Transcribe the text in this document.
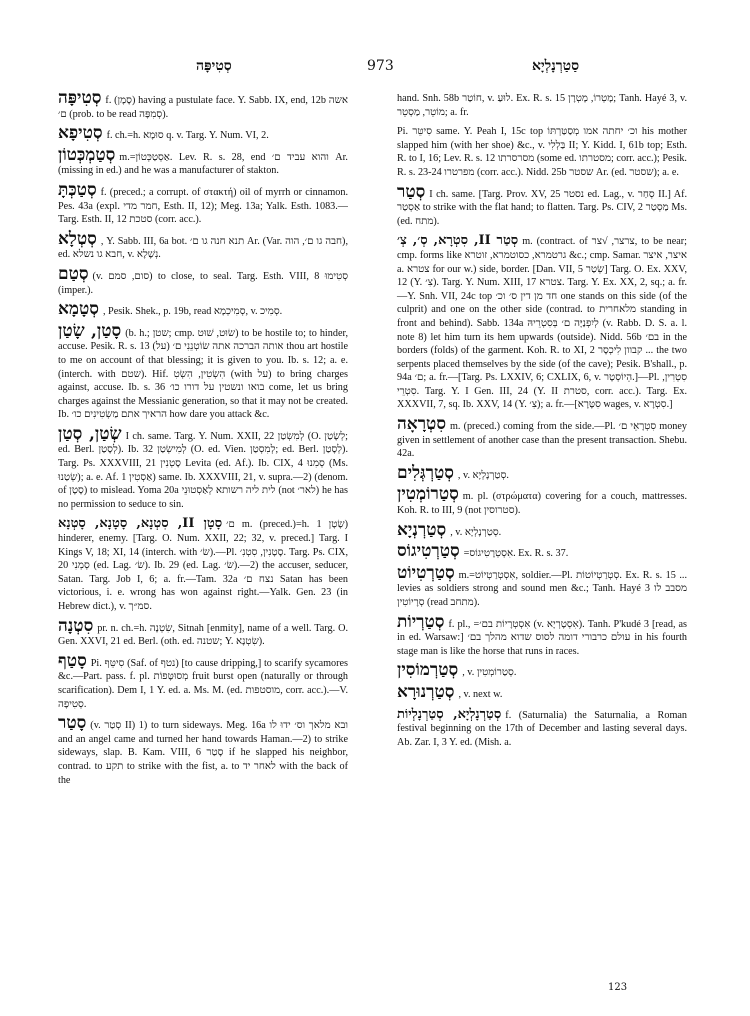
סְטִיפָּה	973	סַטַרְנָלְיָא

סְטִיפָּה f. (סָמָן) having a pustulate face. Y. Sabb. IX, end, 12b אשה ם׳ (prob. to be read סְמִפָּה).

סְטִיפָא f. ch.=h. סוּמָא q. v. Targ. Y. Num. VI, 2.

סְטַמְכְּטוֹן m.=אַסְטַכְּטוֹן. Lev. R. s. 28, end והוא עביד ם׳ Ar. (missing in ed.) and he was a manufacturer of stakton.

סְטַכְּתָּ f. (preced.; a corrupt. of στακτή) oil of myrrh or cinnamon. Pes. 43a (expl. חמר מדי, Esth. II, 12); Meg. 13a; Yalk. Esth. 1083.—Targ. Esth. II, 12 סטכת (corr. acc.).

סְטְלָא , Y. Sabb. III, 6a bot. תנא חנה גו ם׳ Ar. (Var. חבה גו ם׳, הוה), ed. חבא גו נשלא, v. נְשָׁלָא.

סְטַם (v. סום, סמם) to close, to seal. Targ. Esth. VIII, 8 סְטִימוּ (imper.).

סְטָמָא , Pesik. Shek., p. 19b, read סְמִיכְמָא, v. סְמִיכ.

סָטַן, שָׂטַן (b. h.; שטן; cmp. שׂוּט, שׁוּט) to be hostile to; to hinder, accuse. Pesik. R. s. 13 (על) אותה הברכה אתה שׂוֹטְנֵנִי ם׳ thou art hostile to me on account of that blessing; it is given to you. Ib. s. 12; a. e. (interch. with שטם). Hif. הִשְׂטִין, הִשְׂטִ (with על) to bring charges against, accuse. Ib. s. 36 בואו ונשטין על דורו כו׳ come, let us bring charges against the Messianic generation, so that it may not be created. Ib. הראיך אתם מַשְׂטִינִים כו׳ how dare you attack &c.

שְׂטַן, סְטַן I ch. same. Targ. Y. Num. XXII, 22 לְמִשְׂטַן (O. לְשָׂטַן; ed. Berl. לְסָטַן). Ib. 32 לְמִישְׂטַן (O. ed. Vien. לְמִסְטַן; ed. Berl. לְסָטַן). Targ. Ps. XXXVIII, 21 סָטְנִין Levita (ed. Af.). Ib. CIX, 4 סְמִנוּ (Ms. שְׂטַנוּ); a. e. Af. אַסְטִין 1) same. Ib. XXXVIII, 21, v. supra.—2) (denom. of סָטָן) to mislead. Yoma 20a לית ליה רשותא לְאַסְטוּנֵי (not לאר׳) he has no permission to seduce to sin.

סָטָן II, סִטְנָא, סָטָנָא, סָטְנָא ם׳ m. (preced.)=h. שָׂטָן 1) hinderer, enemy. [Targ. O. Num. XXII, 22; 32, v. preced.] Targ. I Kings V, 18; XI, 14 (interch. with שׂ׳).—Pl. סָטָנִין, סִטְנִ׳. Targ. Ps. CIX, 20 סְמְנִי (ed. Lag. שׂ׳). Ib. 29 (ed. Lag. שׂ׳).—2) the accuser, seducer, Satan. Targ. Job I, 6; a. fr.—Tam. 32a נצח ם׳ Satan has been victorious, i. e. wrong has won against right.—Yalk. Gen. 23 (in Hebrew dict.), v. סמ״ך.

סִטְנָה pr. n. ch.=h. שִׂטְנָה, Sitnah [enmity], name of a well. Targ. O. Gen. XXVI, 21 ed. Berl. (oth. ed. שטנה; Y. שִׂטְנָא).

סָטַף Pi. סִיטֵּף (Saf. of נטף) [to cause dripping,] to scarify sycamores &c.—Part. pass. f. pl. מְסוּטָּפוֹת fruit burst open (naturally or through scarification). Dem I, 1 Y. ed. a. Ms. M. (ed. מוסטפות, corr. acc.).—V. סְטִיפָה.

סָטַר (v. סְטַר II) 1) to turn sideways. Meg. 16a ובא מלאך וס׳ ידוּ לו and an angel came and turned her hand towards Haman.—2) to strike sideways, slap. B. Kam. VIII, 6 סָטַר if he slapped his neighbor, contrad. to תקע to strike with the fist, a. to לאחר יד with the back of the

hand. Snh. 58b חוֹטַר, v. לוּעַ. Ex. R. s. 15 מָטְרוֹ, מָטְרָן; Tanh. Hayé 3, v. מוֹטֵר, מַסְטֵר; a. fr.

Pi. סִיטֵּר same. Y. Peah I, 15c top וכ׳ יחתה אמו מְסַטַּרְתּוֹ his mother slapped him (with her shoe) &c., v. בַּלְלִי II; Y. Kidd. I, 61b top; Esth. R. to I, 16; Lev. R. s. 12 מסרסרתו (some ed. מסטרתו; corr. acc.); Pesik. R. s. 23-24 מפרטרו (corr. acc.). Nidd. 25b שסטר Ar. (ed. שסטר); a. e.

סְטַר I ch. same. [Targ. Prov. XV, 25 נסטר ed. Lag., v. סְחַר II.] Af. אַסְטַר to strike with the flat hand; to flatten. Targ. Ps. CIV, 2 מַסְטַר Ms. (ed. מתח).

סְטַר II, סִטְרָא, סְ׳, צְ׳ m. (contract. of צרצר, √צר, to be near; cmp. forms like גרטמרא, כסוטמרא, זוטרא &c.; cmp. Samar. איצר, איצר a. צטרא for our w.) side, border. [Dan. VII, 5 שְׂטַר] Targ. O. Ex. XXV, 12 (Y. צִ׳). Targ. Y. Num. XIII, 17 צטרא. Targ. Y. Ex. XX, 2, sq.; a. fr.—Y. Snh. VII, 24c top חד מן דין ס׳ וכ׳ one stands on this side (of the culprit) and one on the other side (contrad. to מלאחרית standing in front and behind). Sabb. 134a לְיִפְנַיָּה ם׳ בְּסִטְרֵיהּ (v. Rabb. D. S. a. l. note 8) let him turn its hem upwards (outside). Nidd. 56b בם׳ in the borders (folds) of the garment. Koh. R. to XI, 2 קבוון לִיכְסָר ... the two serpents placed themselves by the side (of the cave); Pesik. B'shall., p. 94a ם׳; a. fr.—[Targ. Ps. LXXIV, 6; CXLIX, 6, v. הֵיוֹסְטָר.]—Pl. סִטְרִין, סִטְרֵי. Targ. Y. I Gen. III, 24 (Y. II סטרת, corr. acc.). Targ. Ex. XXXVII, 7, sq. Ib. XXV, 14 (Y. צִ׳); a. fr.—[סִטָּרָא wages, v. סִטְרָא.]

סִטְרָאָה m. (preced.) coming from the side.—Pl. סִטְרָאֵי ם׳ money given in settlement of another case than the present transaction. Shebu. 42a.

סְטַרְגְּלִים , v. סְטַרְנָלְיָא.

סְטַרוֹמְטִין m. pl. (στρώματα) covering for a couch, mattresses. Koh. R. to III, 9 (not סטרוסין).

סְטַרְנְיָא , v. סְטַרְנָלְיָא.

סְטַרְטִיגוֹס =אִסְטְרָטִיגוֹס. Ex. R. s. 37.

סְטַרְטִיוֹט m.=אִסְטְרַטְיוֹט, soldier.—Pl. סְטְרַטְיוֹטוֹת. Ex. R. s. 15 ... levies as soldiers strong and sound men &c.; Tanh. Hayé 3 מסבב לו סְרָיוֹטִין (read מתחב).

סְטַרְיוֹת f. pl., =אִסְטְרָיוֹת בם׳ (v. אִסְטָרְיָא). Tanh. P'kudé 3 [read, as in ed. Warsaw:] עולם כרבורי דומה לסוס שדוא מהלך בם׳ in his fourth stage man is like the horse that runs in races.

סְטַרְמוֹסִין , v. סְטַרוֹמְטִין.

סְטַרְנוּרָא , v. next w.

סְטַרְנָלְיָא, סְטַרְנָלְיוֹת f. (Saturnalia) the Saturnalia, a Roman festival beginning on the 17th of December and lasting several days. Ab. Zar. I, 3 Y. ed. (Mish. a.

123
